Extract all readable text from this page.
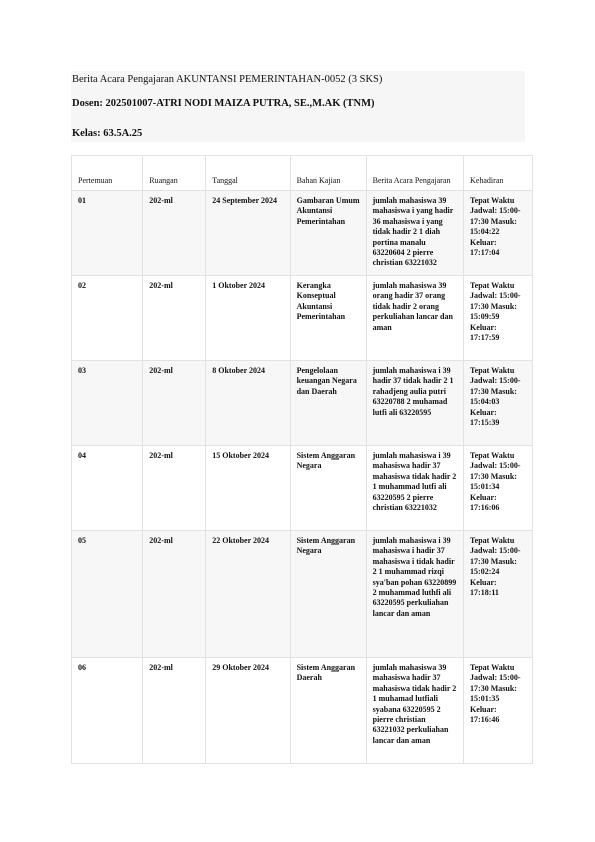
Berita Acara Pengajaran AKUNTANSI PEMERINTAHAN-0052 (3 SKS)
Dosen: 202501007-ATRI NODI MAIZA PUTRA, SE.,M.AK (TNM)
Kelas: 63.5A.25
Pertemuan	Ruangan	Tanggal	Bahan Kajian	Berita Acara Pengajaran	Kehadiran
01	202-ml	24 September 2024	Gambaran Umum Akuntansi Pemerintahan	jumlah mahasiswa 39 mahasiswa i yang hadir 36 mahasiswa i yang tidak hadir 2 1 diah portina manalu 63220604 2 pierre christian 63221032	Tepat Waktu Jadwal: 15:00-17:30 Masuk: 15:04:22 Keluar: 17:17:04
02	202-ml	1 Oktober 2024	Kerangka Konseptual Akuntansi Pemerintahan	jumlah mahasiswa 39 orang hadir 37 orang tidak hadir 2 orang perkuliahan lancar dan aman	Tepat Waktu Jadwal: 15:00-17:30 Masuk: 15:09:59 Keluar: 17:17:59
03	202-ml	8 Oktober 2024	Pengelolaan keuangan Negara dan Daerah	jumlah mahasiswa i 39 hadir 37 tidak hadir 2 1 rahadjeng aulia putri 63220788 2 muhamad lutfi ali 63220595	Tepat Waktu Jadwal: 15:00-17:30 Masuk: 15:04:03 Keluar: 17:15:39
04	202-ml	15 Oktober 2024	Sistem Anggaran Negara	jumlah mahasiswa i 39 mahasiswa hadir 37 mahasiswa tidak hadir 2 1 muhammad lutfi ali 63220595 2 pierre christian 63221032	Tepat Waktu Jadwal: 15:00-17:30 Masuk: 15:01:34 Keluar: 17:16:06
05	202-ml	22 Oktober 2024	Sistem Anggaran Negara	jumlah mahasiswa i 39 mahasiswa i hadir 37 mahasiswa i tidak hadir 2 1 muhammad rizqi sya'ban pohan 63220899 2 muhammad luthfi ali 63220595 perkuliahan lancar dan aman	Tepat Waktu Jadwal: 15:00-17:30 Masuk: 15:02:24 Keluar: 17:18:11
06	202-ml	29 Oktober 2024	Sistem Anggaran Daerah	jumlah mahasiswa 39 mahasiswa hadir 37 mahasiswa tidak hadir 2 1 muhamad lutfiali syabana 63220595 2 pierre christian 63221032 perkuliahan lancar dan aman	Tepat Waktu Jadwal: 15:00-17:30 Masuk: 15:01:35 Keluar: 17:16:46
